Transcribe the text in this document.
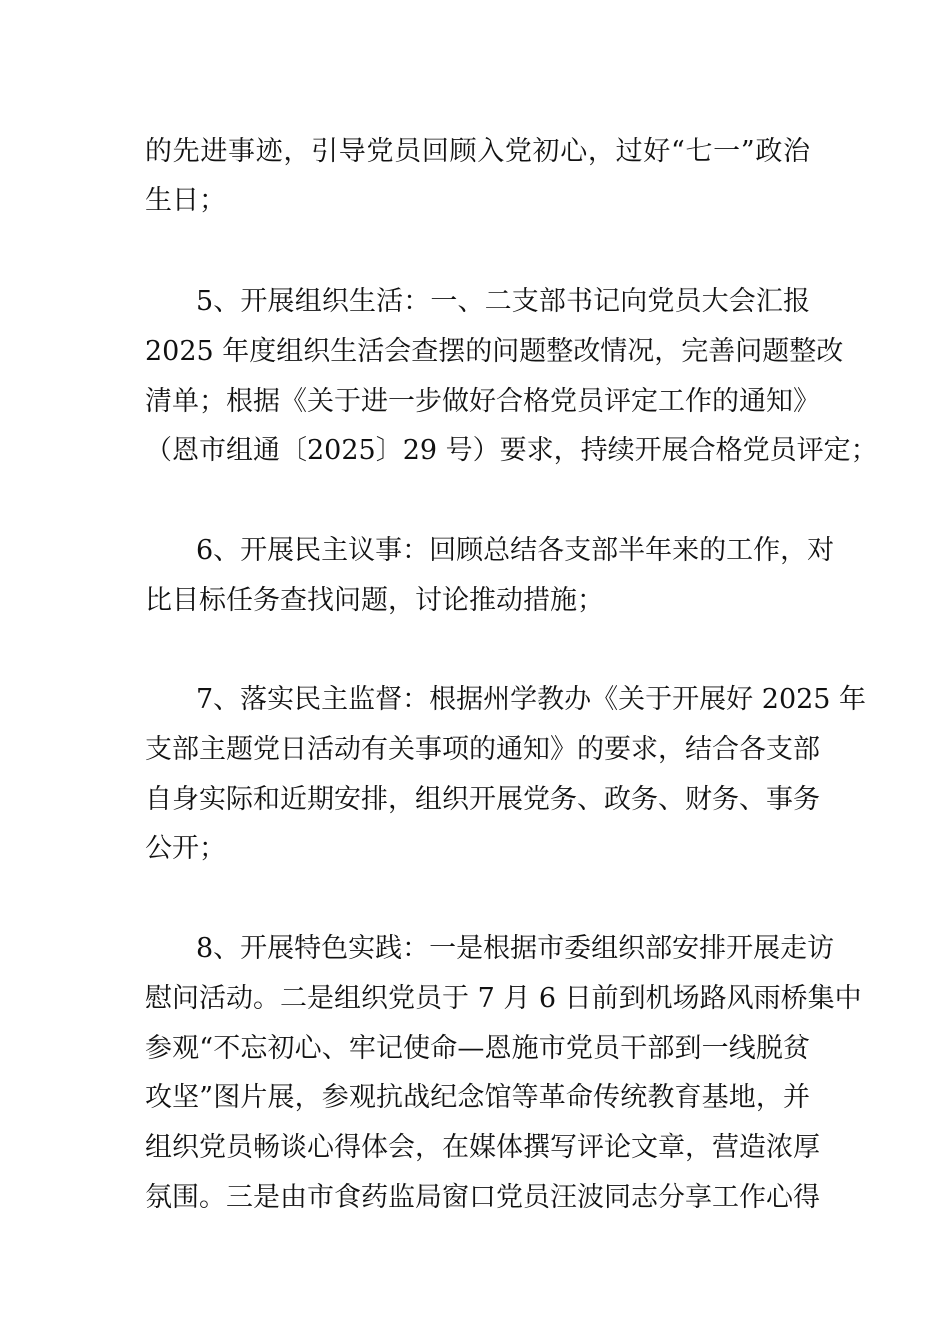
的先进事迹，引导党员回顾入党初心，过好“七一”政治
生日；
5、开展组织生活：一、二支部书记向党员大会汇报
2025 年度组织生活会查摆的问题整改情况，完善问题整改
清单；根据《关于进一步做好合格党员评定工作的通知》
（恩市组通〔2025〕29 号）要求，持续开展合格党员评定；
6、开展民主议事：回顾总结各支部半年来的工作，对
比目标任务查找问题，讨论推动措施；
7、落实民主监督：根据州学教办《关于开展好 2025 年
支部主题党日活动有关事项的通知》的要求，结合各支部
自身实际和近期安排，组织开展党务、政务、财务、事务
公开；
8、开展特色实践：一是根据市委组织部安排开展走访
慰问活动。二是组织党员于 7 月 6 日前到机场路风雨桥集中
参观“不忘初心、牢记使命—恩施市党员干部到一线脱贫
攻坚”图片展，参观抗战纪念馆等革命传统教育基地，并
组织党员畅谈心得体会，在媒体撰写评论文章，营造浓厚
氛围。三是由市食药监局窗口党员汪波同志分享工作心得
